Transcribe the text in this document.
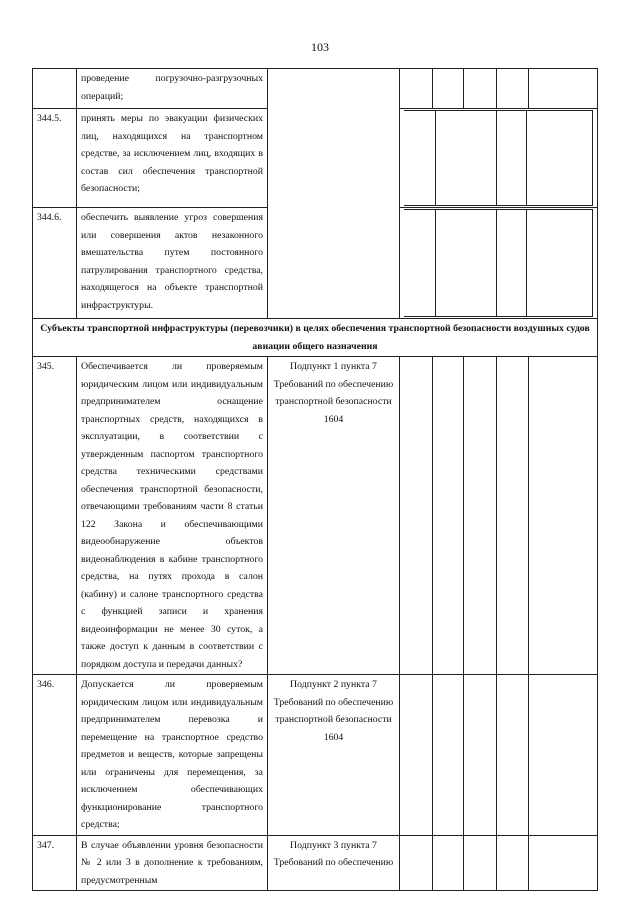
103
	проведение погрузочно-разгрузочных операций;						
344.5.	принять меры по эвакуации физических лиц, находящихся на транспортном средстве, за исключением лиц, входящих в состав сил обеспечения транспортной безопасности;	

344.6.	обеспечить выявление угроз совершения или совершения актов незаконного вмешательства путем постоянного патрулирования транспортного средства, находящегося на объекте транспортной инфраструктуры.	

Субъекты транспортной инфраструктуры (перевозчики) в целях обеспечения транспортной безопасности воздушных судов авиации общего назначения
345.	Обеспечивается ли проверяемым юридическим лицом или индивидуальным предпринимателем оснащение транспортных средств, находящихся в эксплуатации, в соответствии с утвержденным паспортом транспортного средства техническими средствами обеспечения транспортной безопасности, отвечающими требованиям части 8 статьи 122 Закона и обеспечивающими видеообнаружение объектов видеонаблюдения в кабине транспортного средства, на путях прохода в салон (кабину) и салоне транспортного средства с функцией записи и хранения видеоинформации не менее 30 суток, а также доступ к данным в соответствии с порядком доступа и передачи данных?	Подпункт 1 пункта 7 Требований по обеспечению транспортной безопасности 1604					
346.	Допускается ли проверяемым юридическим лицом или индивидуальным предпринимателем перевозка и перемещение на транспортное средство предметов и веществ, которые запрещены или ограничены для перемещения, за исключением обеспечивающих функционирование транспортного средства;	Подпункт 2 пункта 7 Требований по обеспечению транспортной безопасности 1604					
347.	В случае объявлении уровня безопасности № 2 или 3 в дополнение к требованиям, предусмотренным	Подпункт 3 пункта 7 Требований по обеспечению					
